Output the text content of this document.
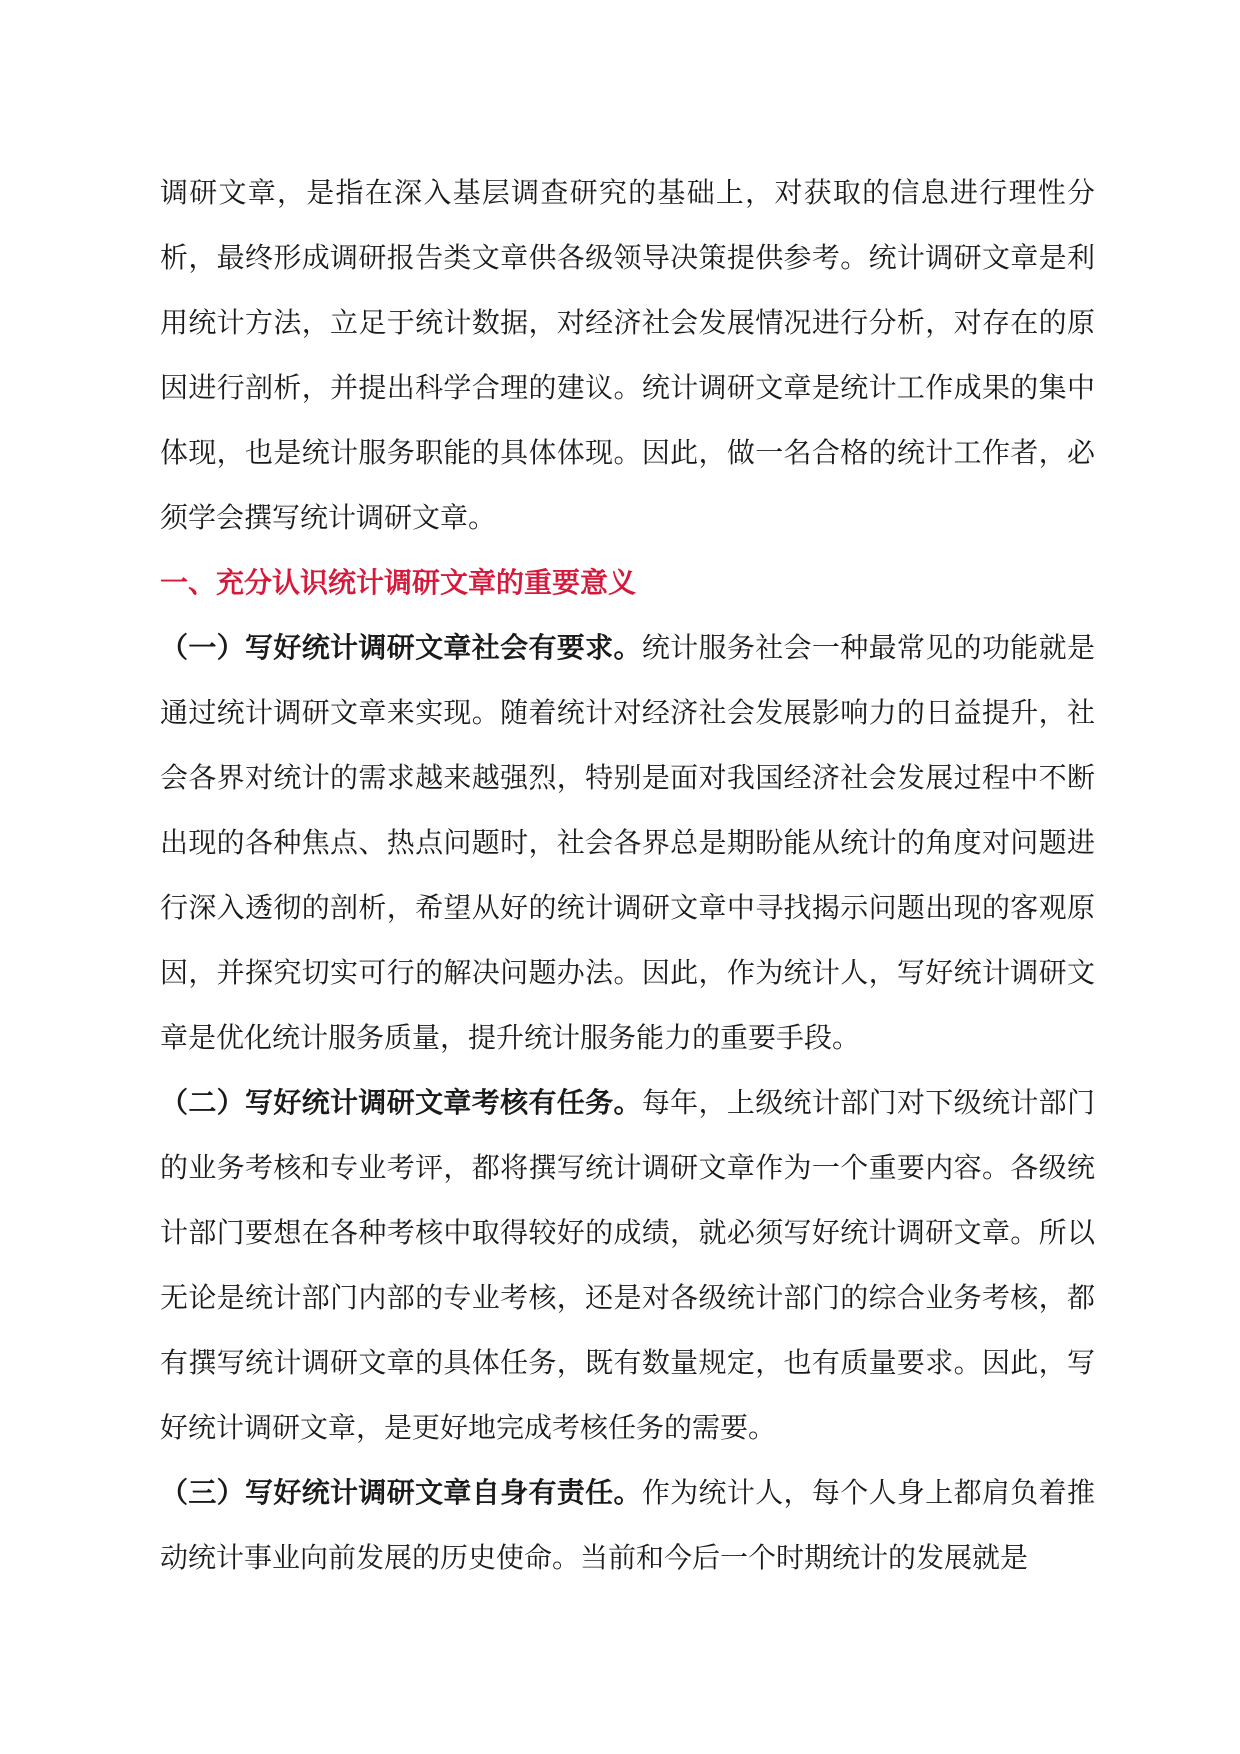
调研文章，是指在深入基层调查研究的基础上，对获取的信息进行理性分析，最终形成调研报告类文章供各级领导决策提供参考。统计调研文章是利用统计方法，立足于统计数据，对经济社会发展情况进行分析，对存在的原因进行剖析，并提出科学合理的建议。统计调研文章是统计工作成果的集中体现，也是统计服务职能的具体体现。因此，做一名合格的统计工作者，必须学会撰写统计调研文章。

一、充分认识统计调研文章的重要意义

（一）写好统计调研文章社会有要求。统计服务社会一种最常见的功能就是通过统计调研文章来实现。随着统计对经济社会发展影响力的日益提升，社会各界对统计的需求越来越强烈，特别是面对我国经济社会发展过程中不断出现的各种焦点、热点问题时，社会各界总是期盼能从统计的角度对问题进行深入透彻的剖析，希望从好的统计调研文章中寻找揭示问题出现的客观原因，并探究切实可行的解决问题办法。因此，作为统计人，写好统计调研文章是优化统计服务质量，提升统计服务能力的重要手段。

（二）写好统计调研文章考核有任务。每年，上级统计部门对下级统计部门的业务考核和专业考评，都将撰写统计调研文章作为一个重要内容。各级统计部门要想在各种考核中取得较好的成绩，就必须写好统计调研文章。所以无论是统计部门内部的专业考核，还是对各级统计部门的综合业务考核，都有撰写统计调研文章的具体任务，既有数量规定，也有质量要求。因此，写好统计调研文章，是更好地完成考核任务的需要。

（三）写好统计调研文章自身有责任。作为统计人，每个人身上都肩负着推动统计事业向前发展的历史使命。当前和今后一个时期统计的发展就是
